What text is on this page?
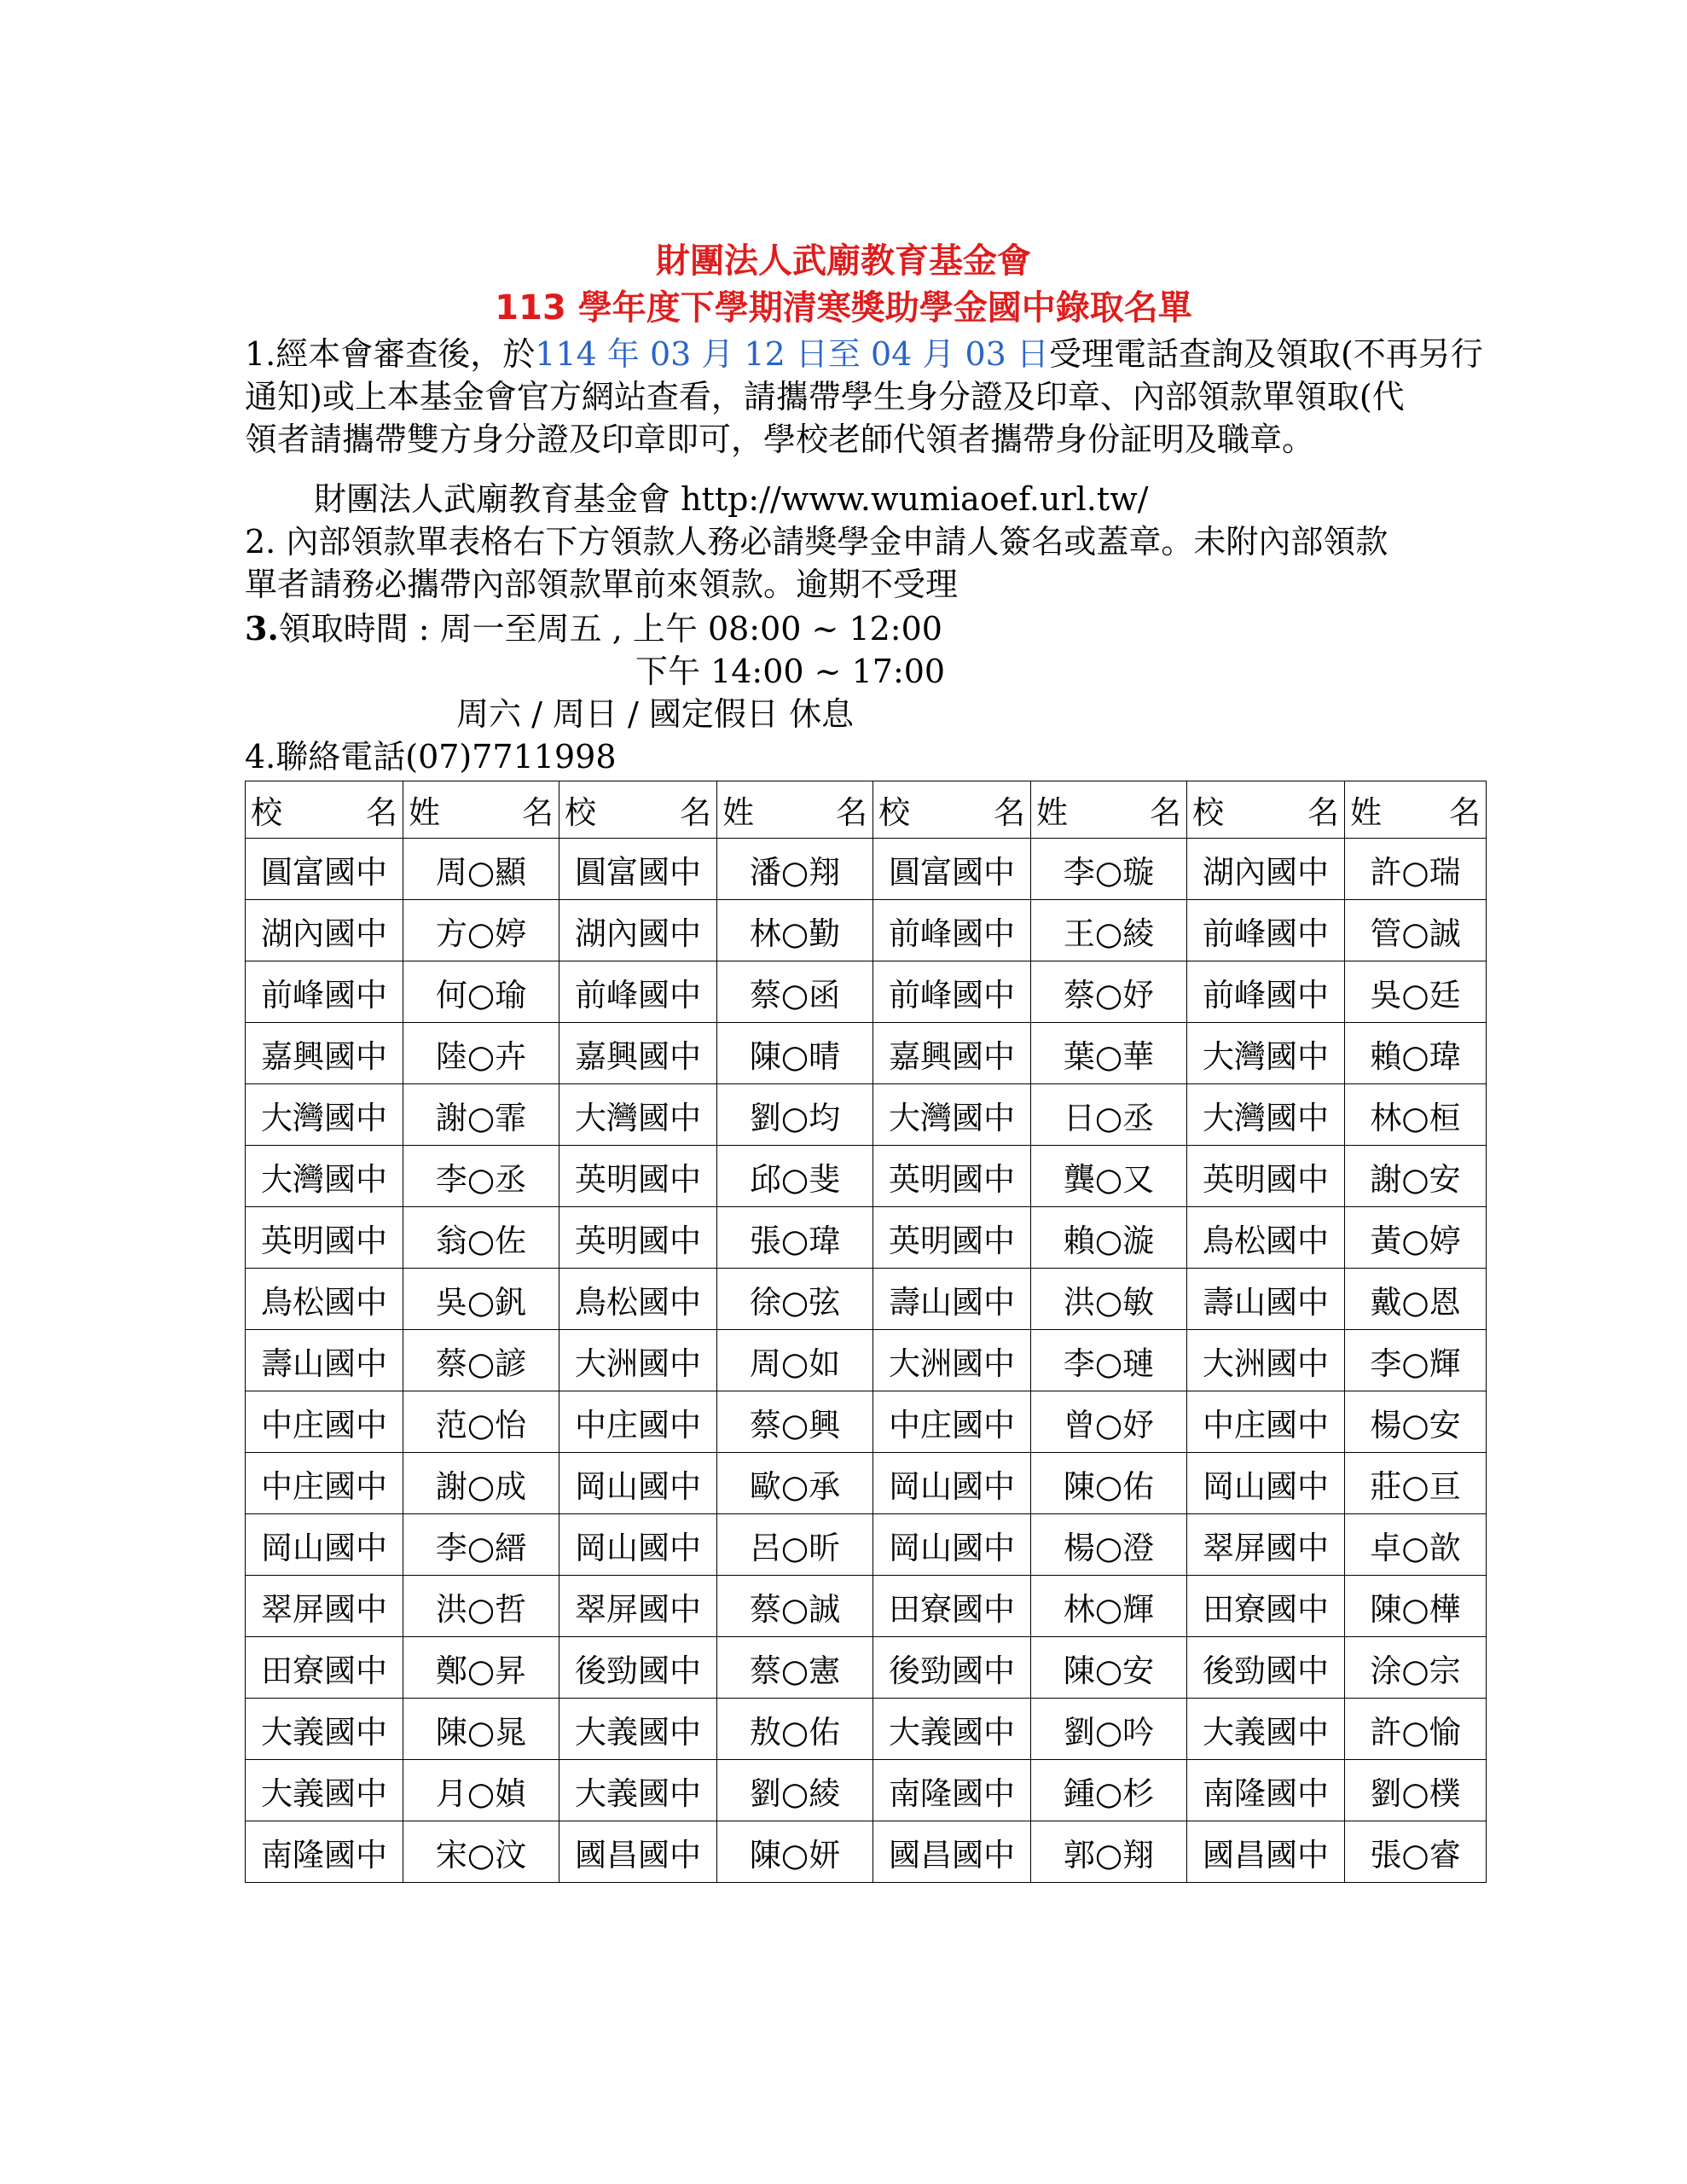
財團法人武廟教育基金會
113 學年度下學期清寒獎助學金國中錄取名單
1.經本會審查後，於114 年 03 月 12 日至 04 月 03 日受理電話查詢及領取(不再另行
通知)或上本基金會官方網站查看，請攜帶學生身分證及印章、內部領款單領取(代
領者請攜帶雙方身分證及印章即可，學校老師代領者攜帶身份証明及職章。
財團法人武廟教育基金會 http://www.wumiaoef.url.tw/
2. 內部領款單表格右下方領款人務必請獎學金申請人簽名或蓋章。未附內部領款
單者請務必攜帶內部領款單前來領款。逾期不受理
3.領取時間 : 周一至周五 , 上午 08:00 ~ 12:00
下午 14:00 ~ 17:00
周六 / 周日 / 國定假日 休息
4.聯絡電話(07)7711998
校 名	姓 名	校 名	姓 名	校 名	姓 名	校 名	姓 名

圓富國中	周○顯	圓富國中	潘○翔	圓富國中	李○璇	湖內國中	許○瑞
湖內國中	方○婷	湖內國中	林○勤	前峰國中	王○綾	前峰國中	管○誠
前峰國中	何○瑜	前峰國中	蔡○函	前峰國中	蔡○妤	前峰國中	吳○廷
嘉興國中	陸○卉	嘉興國中	陳○晴	嘉興國中	葉○華	大灣國中	賴○瑋
大灣國中	謝○霏	大灣國中	劉○均	大灣國中	日○丞	大灣國中	林○桓
大灣國中	李○丞	英明國中	邱○斐	英明國中	龔○又	英明國中	謝○安
英明國中	翁○佐	英明國中	張○瑋	英明國中	賴○漩	鳥松國中	黃○婷
鳥松國中	吳○釩	鳥松國中	徐○弦	壽山國中	洪○敏	壽山國中	戴○恩
壽山國中	蔡○諺	大洲國中	周○如	大洲國中	李○璉	大洲國中	李○輝
中庄國中	范○怡	中庄國中	蔡○興	中庄國中	曾○妤	中庄國中	楊○安
中庄國中	謝○成	岡山國中	歐○承	岡山國中	陳○佑	岡山國中	莊○亘
岡山國中	李○縉	岡山國中	呂○昕	岡山國中	楊○澄	翠屏國中	卓○歆
翠屏國中	洪○哲	翠屏國中	蔡○誠	田寮國中	林○輝	田寮國中	陳○樺
田寮國中	鄭○昇	後勁國中	蔡○憲	後勁國中	陳○安	後勁國中	涂○宗
大義國中	陳○晁	大義國中	敖○佑	大義國中	劉○吟	大義國中	許○愉
大義國中	月○媜	大義國中	劉○綾	南隆國中	鍾○杉	南隆國中	劉○樸
南隆國中	宋○汶	國昌國中	陳○妍	國昌國中	郭○翔	國昌國中	張○睿
